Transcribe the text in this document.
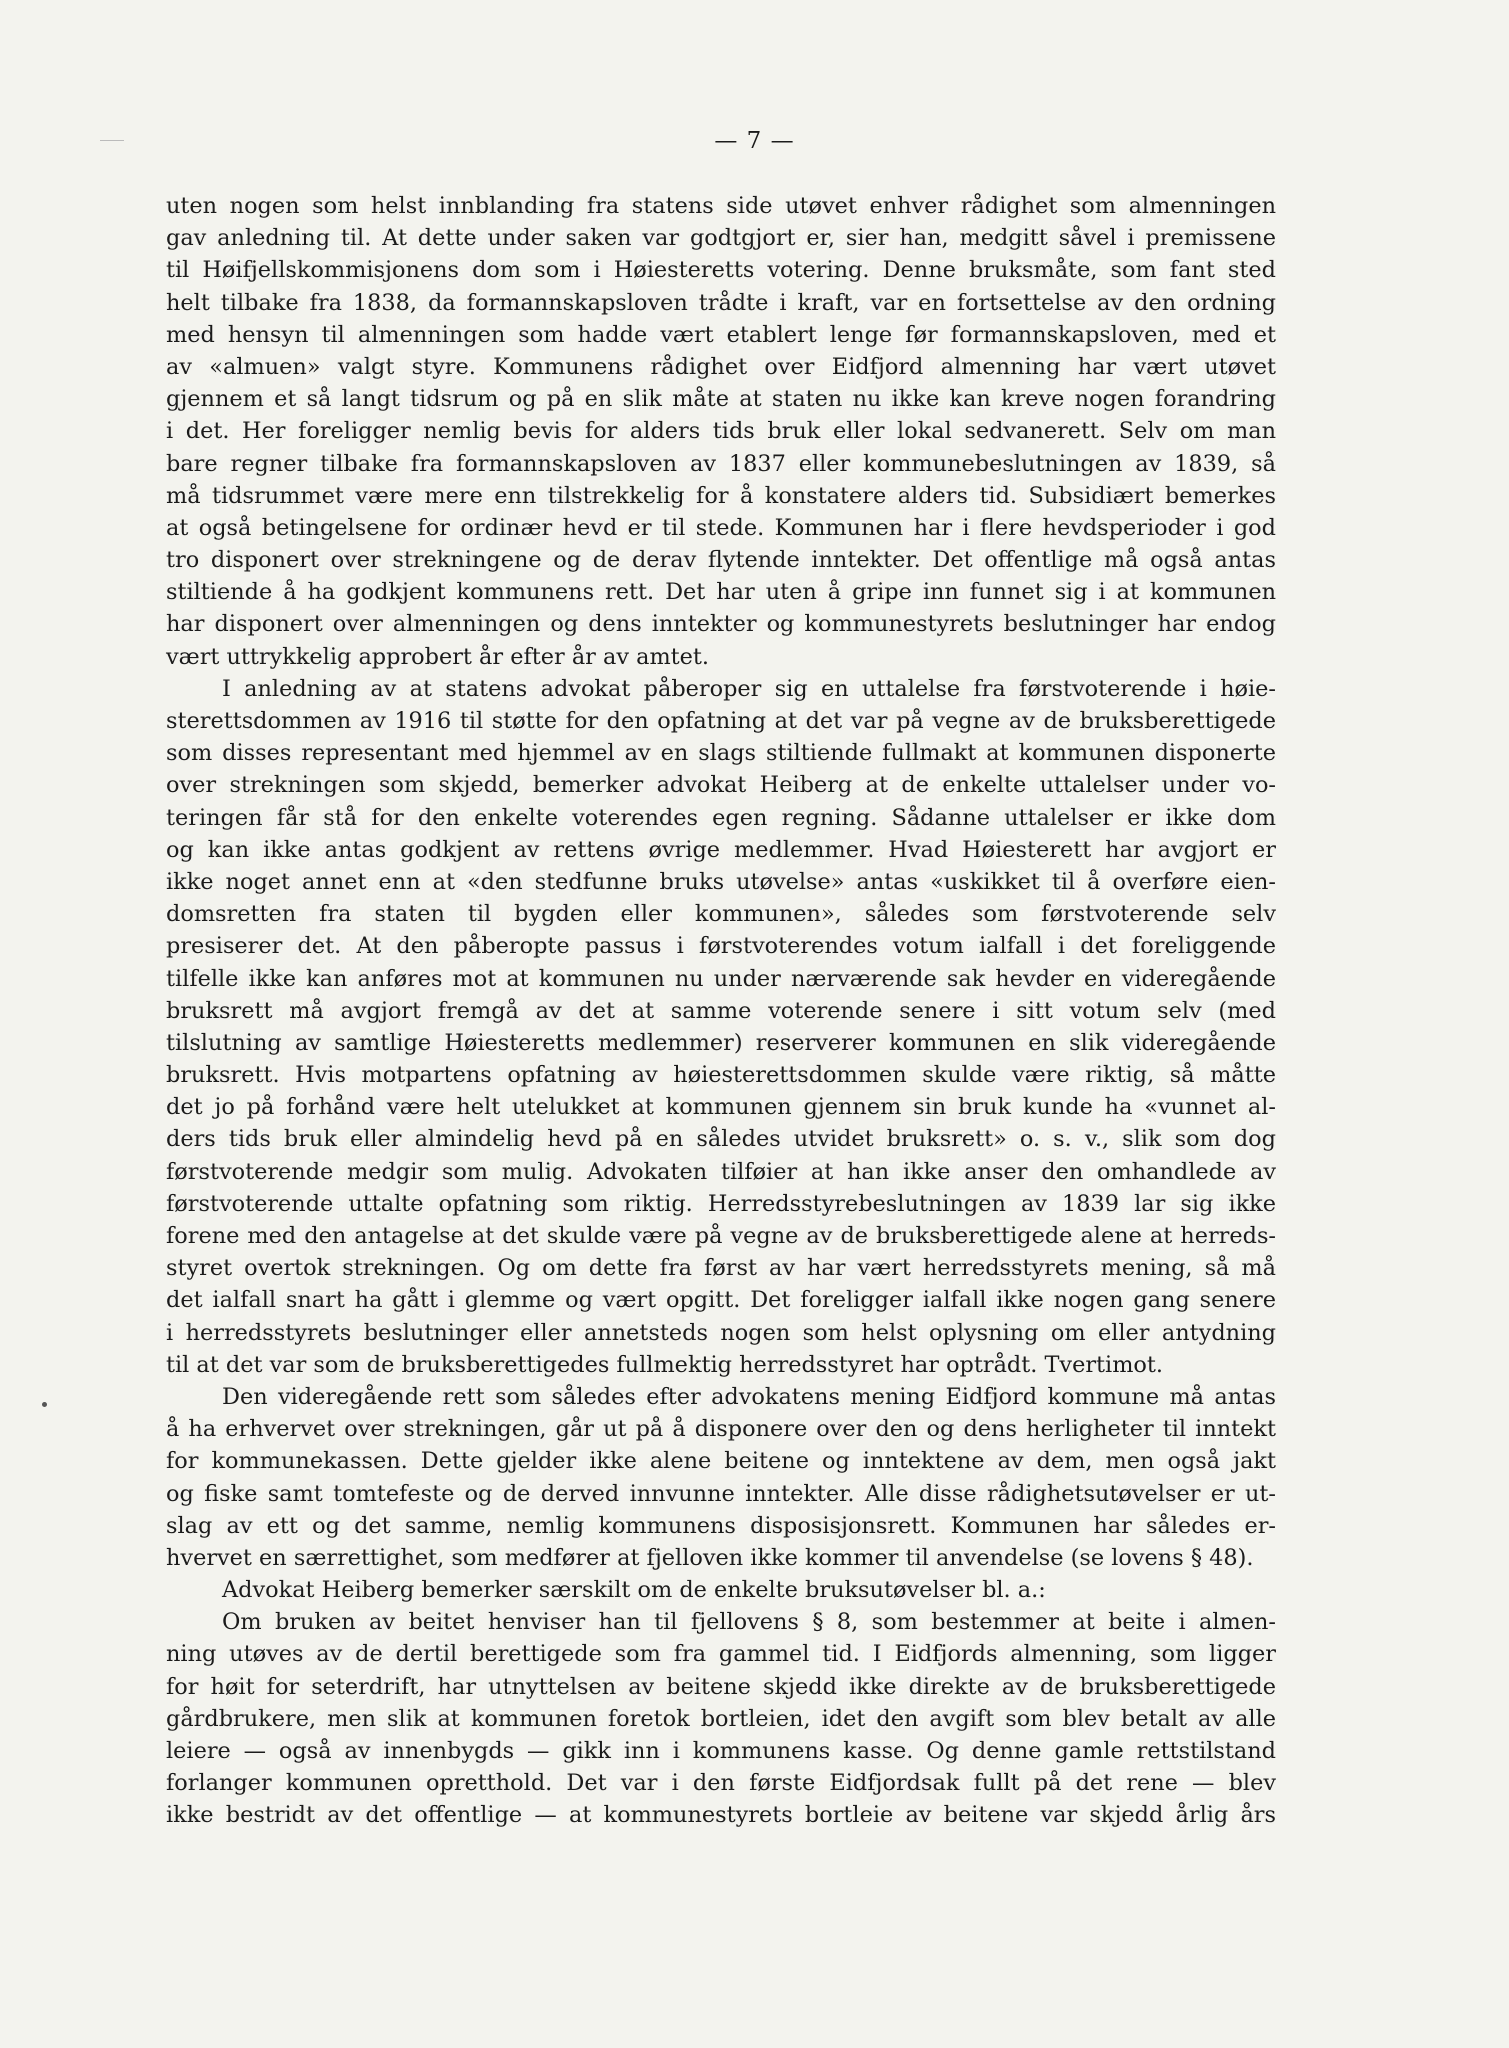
— 7 —
uten nogen som helst innblanding fra statens side utøvet enhver rådighet som almenningen
gav anledning til. At dette under saken var godtgjort er, sier han, medgitt såvel i premissene
til Høifjellskommisjonens dom som i Høiesteretts votering. Denne bruksmåte, som fant sted
helt tilbake fra 1838, da formannskapsloven trådte i kraft, var en fortsettelse av den ordning
med hensyn til almenningen som hadde vært etablert lenge før formannskapsloven, med et
av «almuen» valgt styre. Kommunens rådighet over Eidfjord almenning har vært utøvet
gjennem et så langt tidsrum og på en slik måte at staten nu ikke kan kreve nogen forandring
i det. Her foreligger nemlig bevis for alders tids bruk eller lokal sedvanerett. Selv om man
bare regner tilbake fra formannskapsloven av 1837 eller kommunebeslutningen av 1839, så
må tidsrummet være mere enn tilstrekkelig for å konstatere alders tid. Subsidiært bemerkes
at også betingelsene for ordinær hevd er til stede. Kommunen har i flere hevdsperioder i god
tro disponert over strekningene og de derav flytende inntekter. Det offentlige må også antas
stiltiende å ha godkjent kommunens rett. Det har uten å gripe inn funnet sig i at kommunen
har disponert over almenningen og dens inntekter og kommunestyrets beslutninger har endog
vært uttrykkelig approbert år efter år av amtet.
I anledning av at statens advokat påberoper sig en uttalelse fra førstvoterende i høie-
sterettsdommen av 1916 til støtte for den opfatning at det var på vegne av de bruksberettigede
som disses representant med hjemmel av en slags stiltiende fullmakt at kommunen disponerte
over strekningen som skjedd, bemerker advokat Heiberg at de enkelte uttalelser under vo-
teringen får stå for den enkelte voterendes egen regning. Sådanne uttalelser er ikke dom
og kan ikke antas godkjent av rettens øvrige medlemmer. Hvad Høiesterett har avgjort er
ikke noget annet enn at «den stedfunne bruks utøvelse» antas «uskikket til å overføre eien-
domsretten fra staten til bygden eller kommunen», således som førstvoterende selv
presiserer det. At den påberopte passus i førstvoterendes votum ialfall i det foreliggende
tilfelle ikke kan anføres mot at kommunen nu under nærværende sak hevder en videregående
bruksrett må avgjort fremgå av det at samme voterende senere i sitt votum selv (med
tilslutning av samtlige Høiesteretts medlemmer) reserverer kommunen en slik videregående
bruksrett. Hvis motpartens opfatning av høiesterettsdommen skulde være riktig, så måtte
det jo på forhånd være helt utelukket at kommunen gjennem sin bruk kunde ha «vunnet al-
ders tids bruk eller almindelig hevd på en således utvidet bruksrett» o. s. v., slik som dog
førstvoterende medgir som mulig. Advokaten tilføier at han ikke anser den omhandlede av
førstvoterende uttalte opfatning som riktig. Herredsstyrebeslutningen av 1839 lar sig ikke
forene med den antagelse at det skulde være på vegne av de bruksberettigede alene at herreds-
styret overtok strekningen. Og om dette fra først av har vært herredsstyrets mening, så må
det ialfall snart ha gått i glemme og vært opgitt. Det foreligger ialfall ikke nogen gang senere
i herredsstyrets beslutninger eller annetsteds nogen som helst oplysning om eller antydning
til at det var som de bruksberettigedes fullmektig herredsstyret har optrådt. Tvertimot.
Den videregående rett som således efter advokatens mening Eidfjord kommune må antas
å ha erhvervet over strekningen, går ut på å disponere over den og dens herligheter til inntekt
for kommunekassen. Dette gjelder ikke alene beitene og inntektene av dem, men også jakt
og fiske samt tomtefeste og de derved innvunne inntekter. Alle disse rådighetsutøvelser er ut-
slag av ett og det samme, nemlig kommunens disposisjonsrett. Kommunen har således er-
hvervet en særrettighet, som medfører at fjelloven ikke kommer til anvendelse (se lovens § 48).
Advokat Heiberg bemerker særskilt om de enkelte bruksutøvelser bl. a.:
Om bruken av beitet henviser han til fjellovens § 8, som bestemmer at beite i almen-
ning utøves av de dertil berettigede som fra gammel tid. I Eidfjords almenning, som ligger
for høit for seterdrift, har utnyttelsen av beitene skjedd ikke direkte av de bruksberettigede
gårdbrukere, men slik at kommunen foretok bortleien, idet den avgift som blev betalt av alle
leiere — også av innenbygds — gikk inn i kommunens kasse. Og denne gamle rettstilstand
forlanger kommunen opretthold. Det var i den første Eidfjordsak fullt på det rene — blev
ikke bestridt av det offentlige — at kommunestyrets bortleie av beitene var skjedd årlig års
